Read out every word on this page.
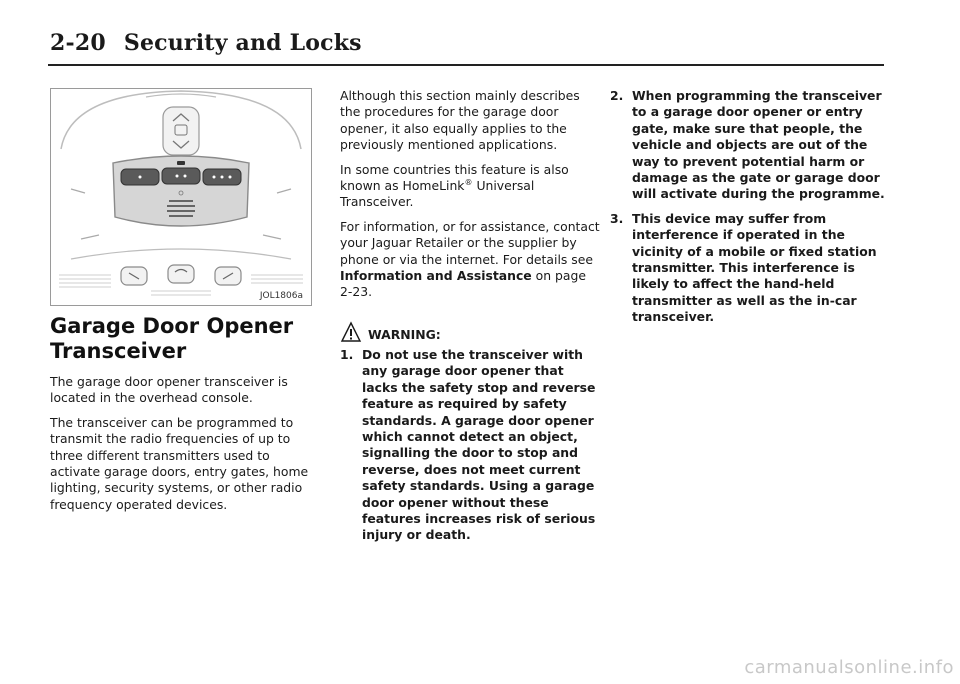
2-20 Security and Locks
JOL1806a
Garage Door Opener Transceiver

The garage door opener transceiver is located in the overhead console.

The transceiver can be programmed to transmit the radio frequencies of up to three different transmitters used to activate garage doors, entry gates, home lighting, security systems, or other radio frequency operated devices.

Although this section mainly describes the procedures for the garage door opener, it also equally applies to the previously mentioned applications.

In some countries this feature is also known as HomeLink® Universal Transceiver.

For information, or for assistance, contact your Jaguar Retailer or the supplier by phone or via the internet. For details see Information and Assistance on page 2-23.

WARNING:
1. Do not use the transceiver with any garage door opener that lacks the safety stop and reverse feature as required by safety standards. A garage door opener which cannot detect an object, signalling the door to stop and reverse, does not meet current safety standards. Using a garage door opener without these features increases risk of serious injury or death.
2. When programming the transceiver to a garage door opener or entry gate, make sure that people, the vehicle and objects are out of the way to prevent potential harm or damage as the gate or garage door will activate during the programme.
3. This device may suffer from interference if operated in the vicinity of a mobile or fixed station transmitter. This interference is likely to affect the hand-held transmitter as well as the in-car transceiver.
carmanualsonline.info
